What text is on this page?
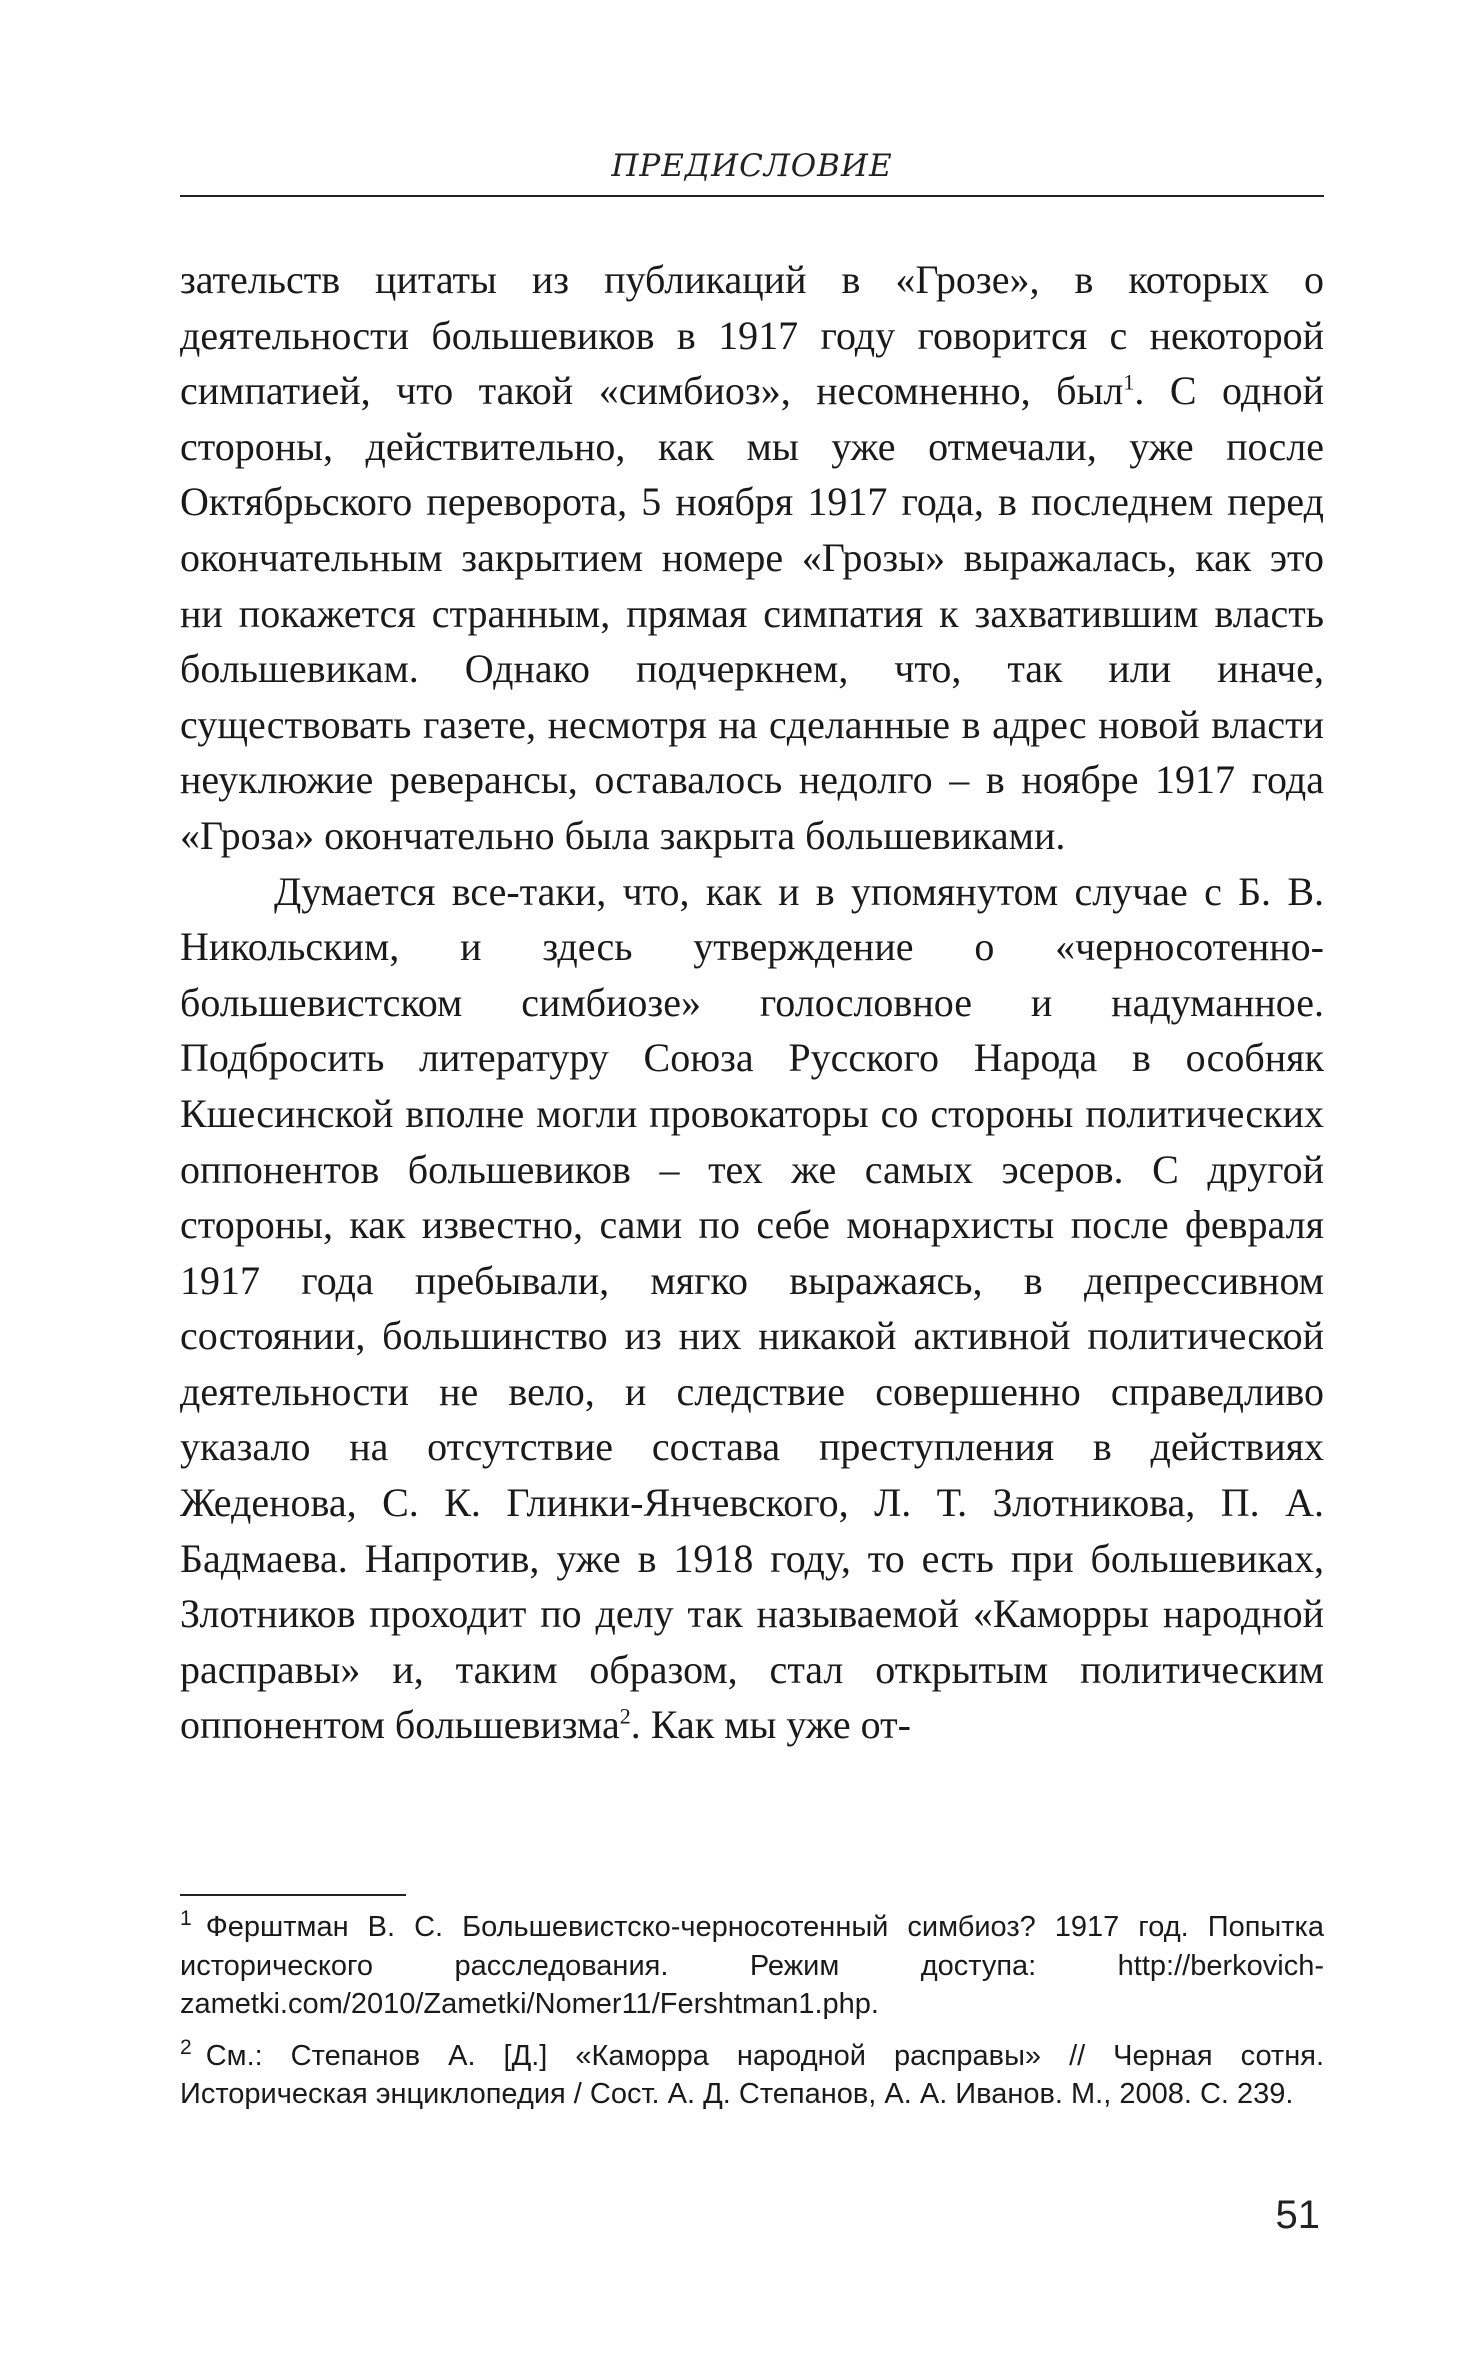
ПРЕДИСЛОВИЕ

зательств цитаты из публикаций в «Грозе», в которых о деятельности большевиков в 1917 году говорится с некоторой симпатией, что такой «симбиоз», несомненно, был$^1$. С одной стороны, действительно, как мы уже отмечали, уже после Октябрьского переворота, 5 ноября 1917 года, в последнем перед окончательным закрытием номере «Грозы» выражалась, как это ни покажется странным, прямая симпатия к захватившим власть большевикам. Однако подчеркнем, что, так или иначе, существовать газете, несмотря на сделанные в адрес новой власти неуклюжие реверансы, оставалось недолго – в ноябре 1917 года «Гроза» окончательно была закрыта большевиками.

Думается все-таки, что, как и в упомянутом случае с Б. В. Никольским, и здесь утверждение о «черносотенно-большевистском симбиозе» голословное и надуманное. Подбросить литературу Союза Русского Народа в особняк Кшесинской вполне могли провокаторы со стороны политических оппонентов большевиков – тех же самых эсеров. С другой стороны, как известно, сами по себе монархисты после февраля 1917 года пребывали, мягко выражаясь, в депрессивном состоянии, большинство из них никакой активной политической деятельности не вело, и следствие совершенно справедливо указало на отсутствие состава преступления в действиях Жеденова, С. К. Глинки-Янчевского, Л. Т. Злотникова, П. А. Бадмаева. Напротив, уже в 1918 году, то есть при большевиках, Злотников проходит по делу так называемой «Каморры народной расправы» и, таким образом, стал открытым политическим оппонентом большевизма$^2$. Как мы уже от-

$^1$ Ферштман В. С. Большевистско-черносотенный симбиоз? 1917 год. Попытка исторического расследования. Режим доступа: http://berkovich-zametki.com/2010/Zametki/Nomer11/Fershtman1.php.

$^2$ См.: Степанов А. [Д.] «Каморра народной расправы» // Черная сотня. Историческая энциклопедия / Сост. А. Д. Степанов, А. А. Иванов. М., 2008. С. 239.

51
